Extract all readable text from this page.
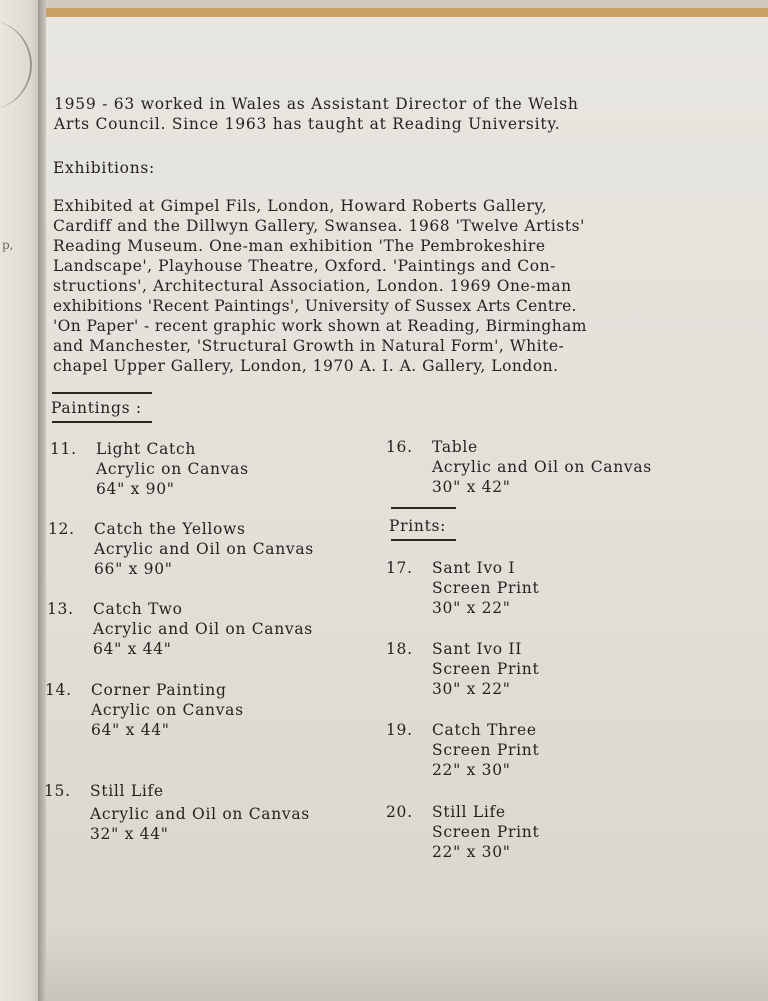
p,
1959 - 63 worked in Wales as Assistant Director of the Welsh
Arts Council. Since 1963 has taught at Reading University.
Exhibitions:
Exhibited at Gimpel Fils, London, Howard Roberts Gallery,
Cardiff and the Dillwyn Gallery, Swansea. 1968 'Twelve Artists'
Reading Museum. One-man exhibition 'The Pembrokeshire
Landscape', Playhouse Theatre, Oxford. 'Paintings and Con-
structions', Architectural Association, London. 1969 One-man
exhibitions 'Recent Paintings', University of Sussex Arts Centre.
'On Paper' - recent graphic work shown at Reading, Birmingham
and Manchester, 'Structural Growth in Natural Form', White-
chapel Upper Gallery, London, 1970 A. I. A. Gallery, London.
Paintings :
11. Light Catch
Acrylic on Canvas
64" x 90"
12. Catch the Yellows
Acrylic and Oil on Canvas
66" x 90"
13. Catch Two
Acrylic and Oil on Canvas
64" x 44"
14. Corner Painting
Acrylic on Canvas
64" x 44"
15. Still Life
Acrylic and Oil on Canvas
32" x 44"
16. Table
Acrylic and Oil on Canvas
30" x 42"
Prints:
17. Sant Ivo I
Screen Print
30" x 22"
18. Sant Ivo II
Screen Print
30" x 22"
19. Catch Three
Screen Print
22" x 30"
20. Still Life
Screen Print
22" x 30"
